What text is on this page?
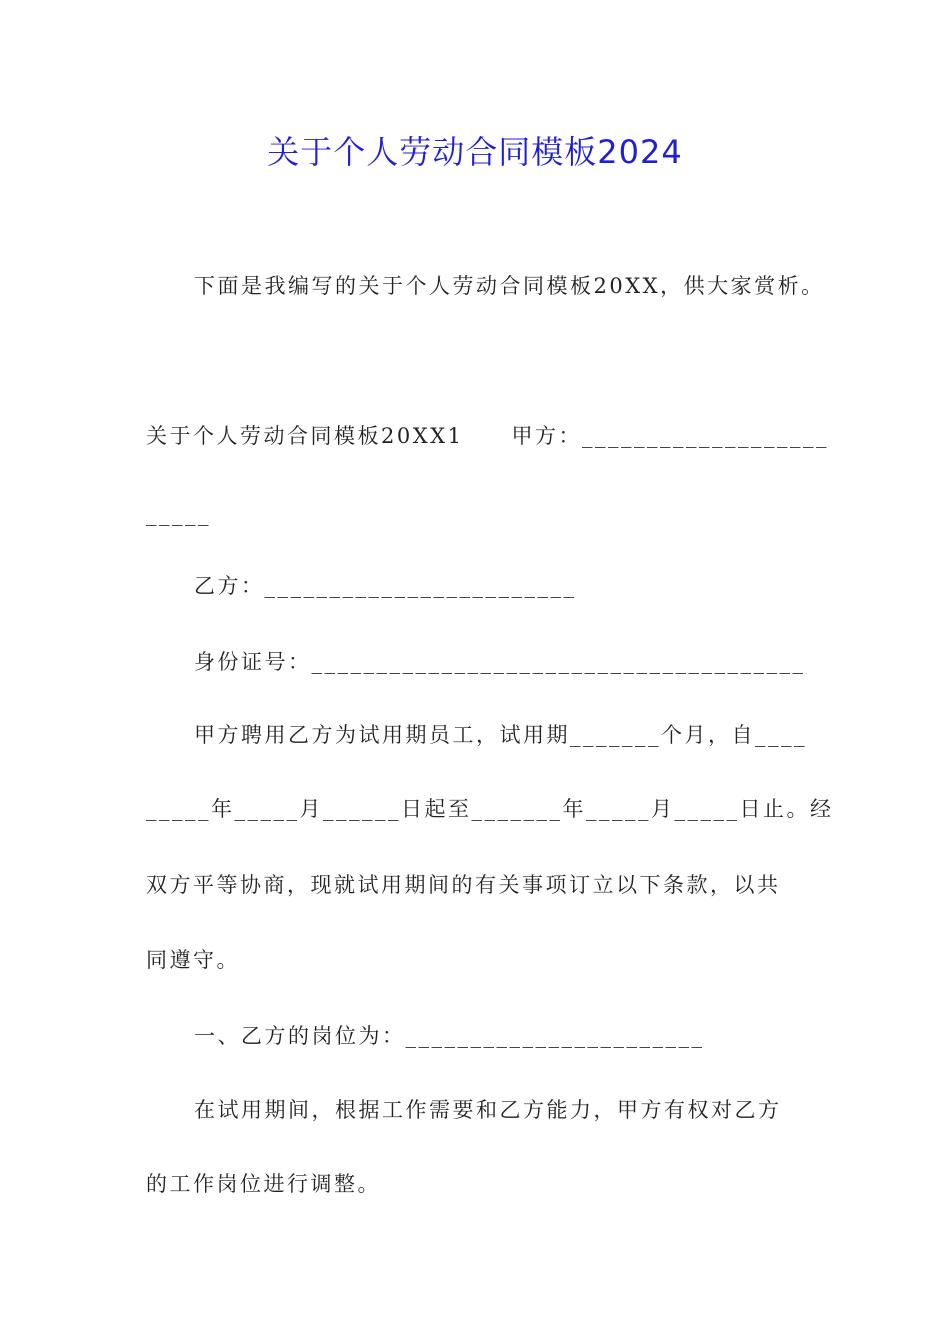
关于个人劳动合同模板2024
下面是我编写的关于个人劳动合同模板20XX，供大家赏析。
关于个人劳动合同模板20XX1 甲方：___________________
_____
乙方：________________________
身份证号：______________________________________
甲方聘用乙方为试用期员工，试用期_______个月，自____
_____年_____月______日起至_______年_____月_____日止。经
双方平等协商，现就试用期间的有关事项订立以下条款，以共
同遵守。
一、乙方的岗位为：_______________________
在试用期间，根据工作需要和乙方能力，甲方有权对乙方
的工作岗位进行调整。
